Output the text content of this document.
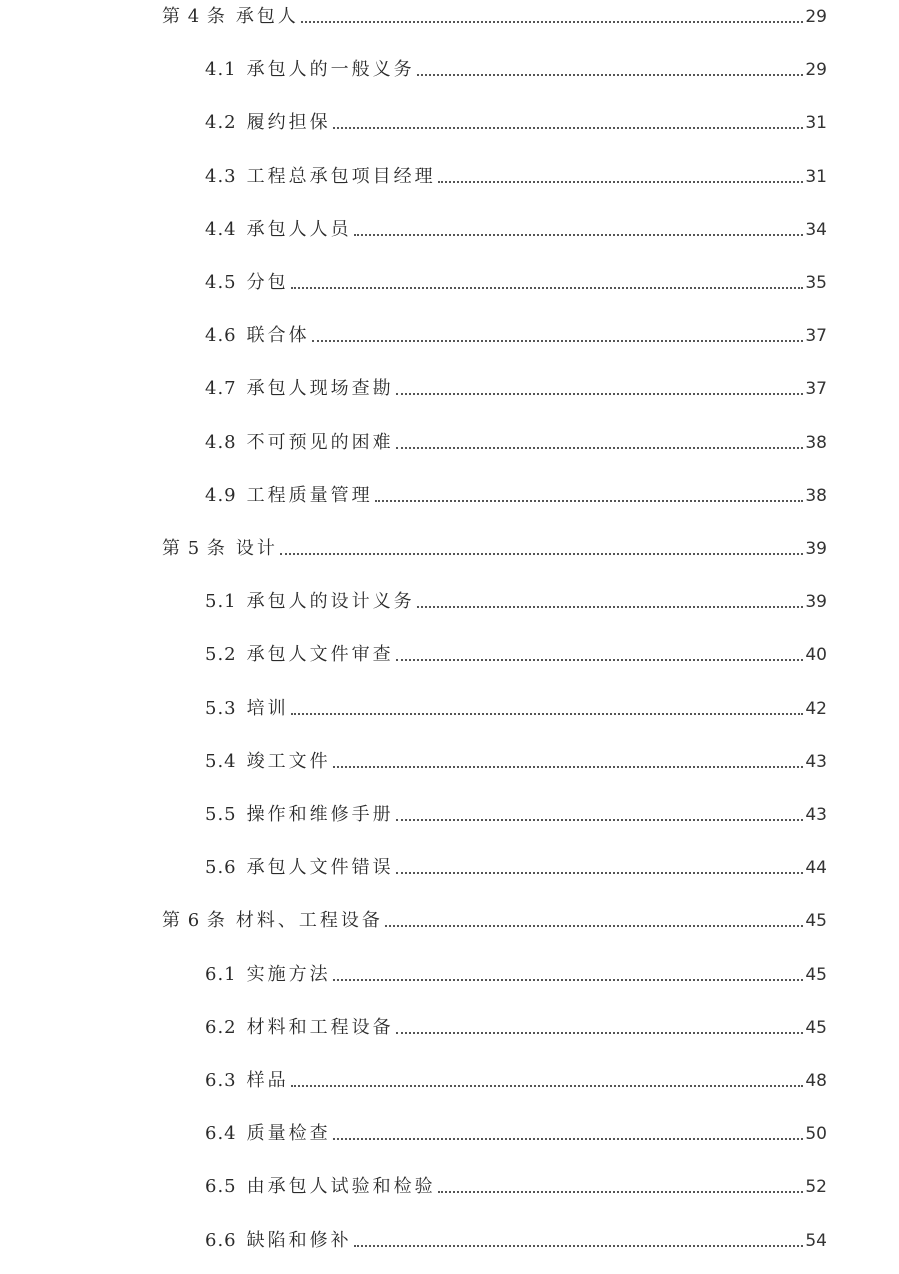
第 4 条 承包人	29
4.1 承包人的一般义务	29
4.2 履约担保	31
4.3 工程总承包项目经理	31
4.4 承包人人员	34
4.5 分包	35
4.6 联合体	37
4.7 承包人现场查勘	37
4.8 不可预见的困难	38
4.9 工程质量管理	38
第 5 条 设计	39
5.1 承包人的设计义务	39
5.2 承包人文件审查	40
5.3 培训	42
5.4 竣工文件	43
5.5 操作和维修手册	43
5.6 承包人文件错误	44
第 6 条 材料、工程设备	45
6.1 实施方法	45
6.2 材料和工程设备	45
6.3 样品	48
6.4 质量检查	50
6.5 由承包人试验和检验	52
6.6 缺陷和修补	54
